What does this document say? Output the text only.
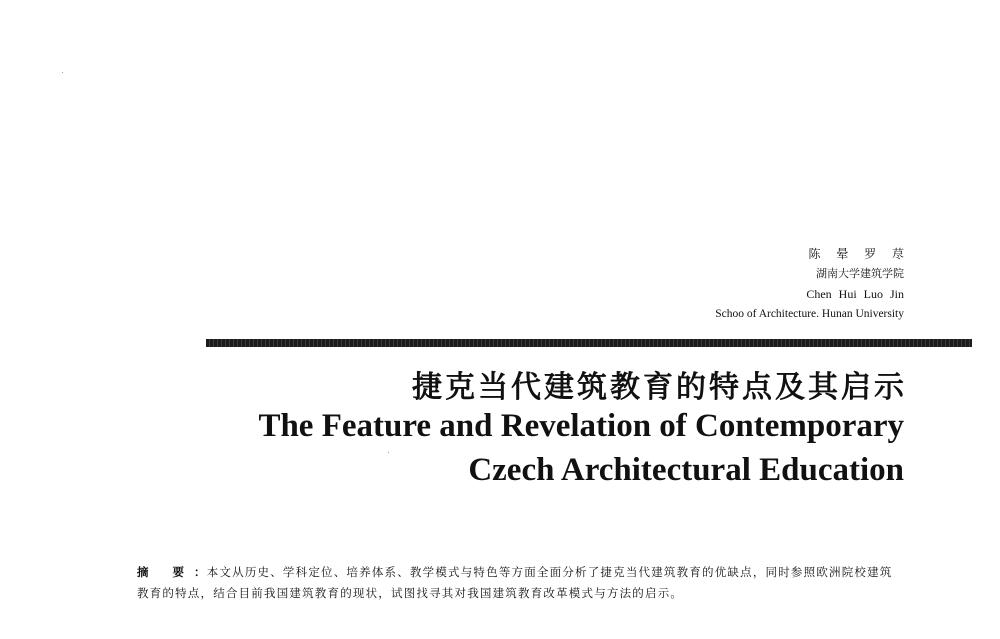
陈 晕 罗 荩
湖南大学建筑学院
Chen Hui Luo Jin
Schoo of Architecture. Hunan University
捷克当代建筑教育的特点及其启示
The Feature and Revelation of Contemporary
Czech Architectural Education
摘 要：本文从历史、学科定位、培养体系、教学模式与特色等方面全面分析了捷克当代建筑教育的优缺点，同时参照欧洲院校建筑教育的特点，结合目前我国建筑教育的现状，试图找寻其对我国建筑教育改革模式与方法的启示。
